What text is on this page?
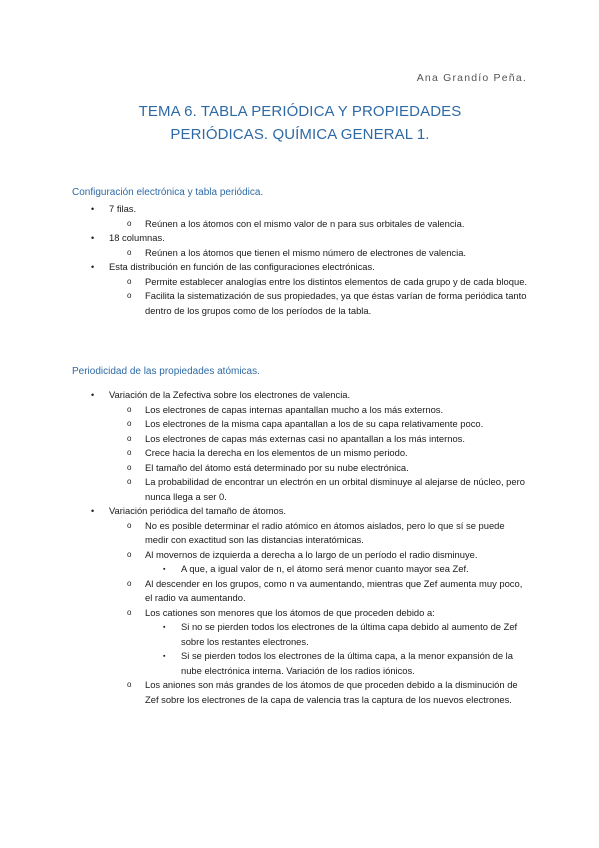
Ana Grandío Peña.
TEMA 6. TABLA PERIÓDICA Y PROPIEDADES PERIÓDICAS. QUÍMICA GENERAL 1.
Configuración electrónica y tabla periódica.
• 7 filas.
o Reúnen a los átomos con el mismo valor de n para sus orbitales de valencia.
• 18 columnas.
o Reúnen a los átomos que tienen el mismo número de electrones de valencia.
• Esta distribución en función de las configuraciones electrónicas.
o Permite establecer analogías entre los distintos elementos de cada grupo y de cada bloque.
o Facilita la sistematización de sus propiedades, ya que éstas varían de forma periódica tanto dentro de los grupos como de los períodos de la tabla.
Periodicidad de las propiedades atómicas.
• Variación de la Zefectiva sobre los electrones de valencia.
o Los electrones de capas internas apantallan mucho a los más externos.
o Los electrones de la misma capa apantallan a los de su capa relativamente poco.
o Los electrones de capas más externas casi no apantallan a los más internos.
o Crece hacia la derecha en los elementos de un mismo periodo.
o El tamaño del átomo está determinado por su nube electrónica.
o La probabilidad de encontrar un electrón en un orbital disminuye al alejarse de núcleo, pero nunca llega a ser 0.
• Variación periódica del tamaño de átomos.
o No es posible determinar el radio atómico en átomos aislados, pero lo que sí se puede medir con exactitud son las distancias interatómicas.
o Al movernos de izquierda a derecha a lo largo de un período el radio disminuye.
▪ A que, a igual valor de n, el átomo será menor cuanto mayor sea Zef.
o Al descender en los grupos, como n va aumentando, mientras que Zef aumenta muy poco, el radio va aumentando.
o Los cationes son menores que los átomos de que proceden debido a:
▪ Si no se pierden todos los electrones de la última capa debido al aumento de Zef sobre los restantes electrones.
▪ Si se pierden todos los electrones de la última capa, a la menor expansión de la nube electrónica interna. Variación de los radios iónicos.
o Los aniones son más grandes de los átomos de que proceden debido a la disminución de Zef sobre los electrones de la capa de valencia tras la captura de los nuevos electrones.
